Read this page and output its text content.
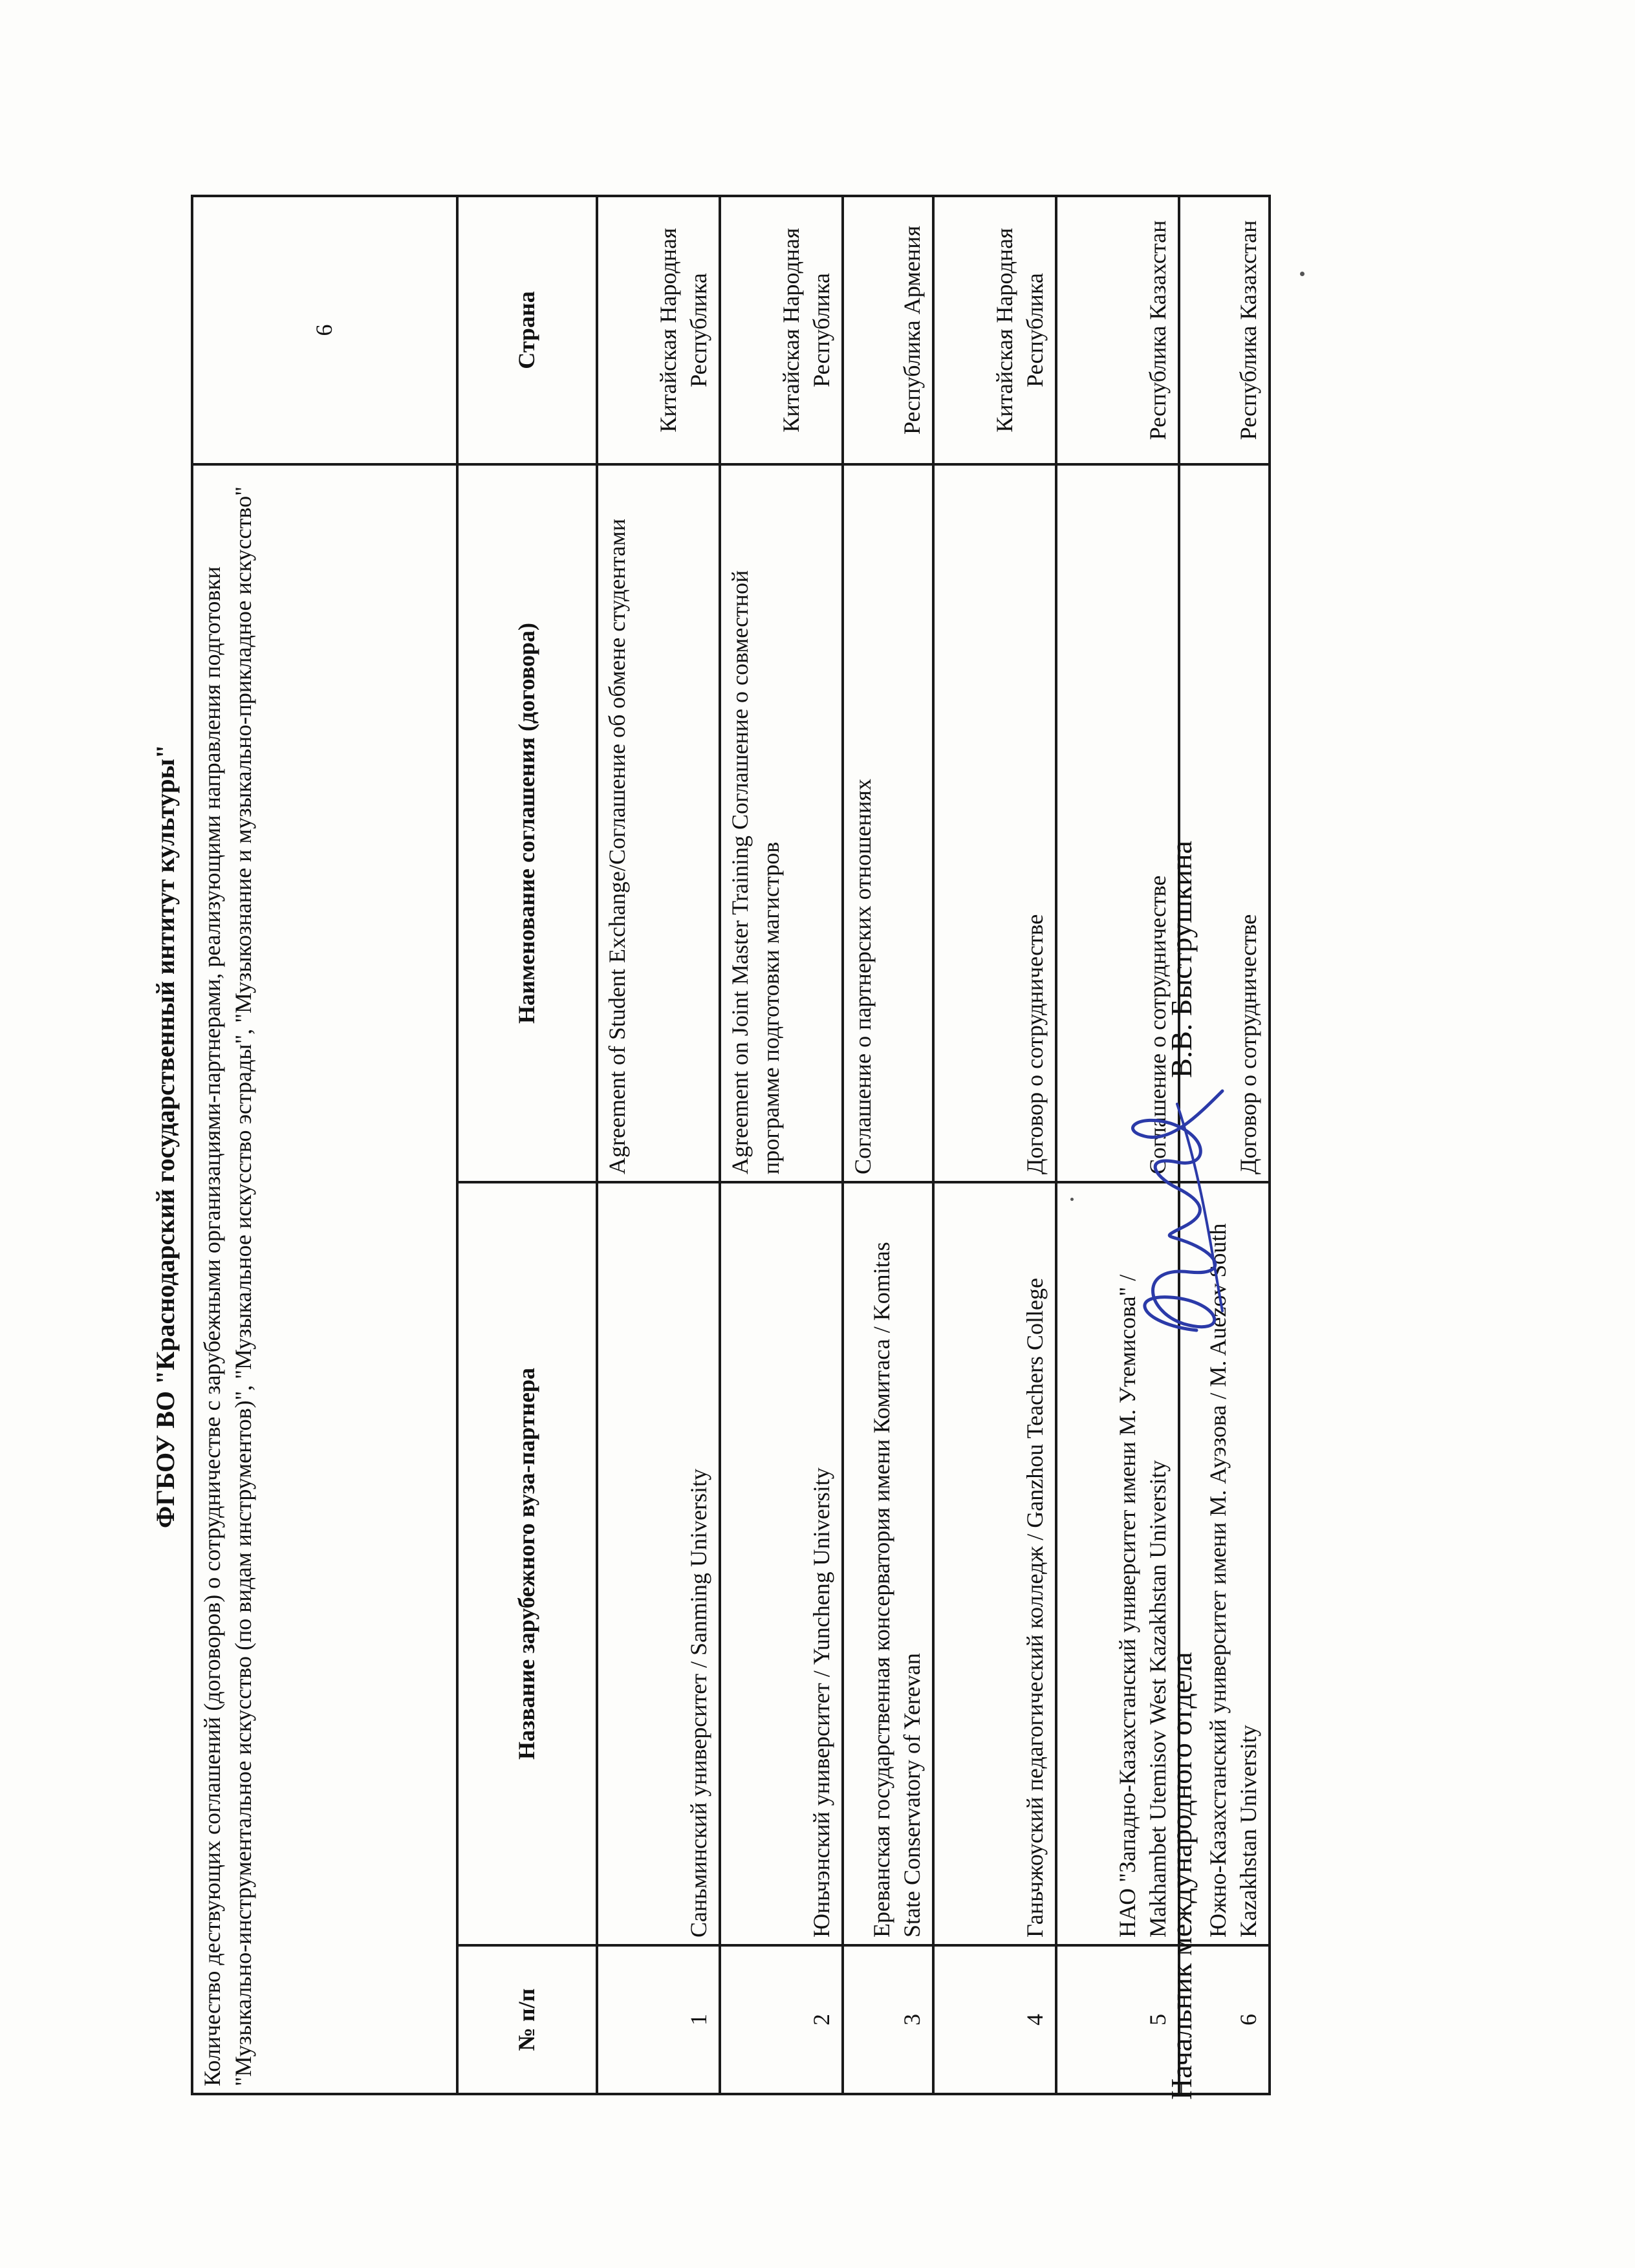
ФГБОУ ВО "Краснодарский государственный интитут культуры" Количество дествующих соглашений (договоров) о сотрудничестве с зарубежными организациями-партнерами, реализующими направления подготовки "Музыкально-инструментальное искусство (по видам инструментов)", "Музыкальное искусство эстрады", "Музыкознание и музыкально-прикладное искусство"			6
№ п/п	Название зарубежного вуза-партнера	Наименование соглашения (договора)	Страна
1	Саньминский университет / Sanming University	Agreement of Student Exchange/Соглашение об обмене студентами	Китайская Народная Республика
2	Юньчэнский университет / Yuncheng University	Agreement on Joint Master Training Соглашение о совместной программе подготовки магистров	Китайская Народная Республика
3	Ереванская государственная консерватория имени Комитаса / Komitas State Conservatory of Yerevan	Соглашение о партнерских отношениях	Республика Армения
4	Ганьчжоуский педагогический колледж / Ganzhou Teachers College	Договор о сотрудничестве	Китайская Народная Республика
5	НАО "Западно-Казахстанский университет имени М. Утемисова" / Makhambet Utemisov West Kazakhstan University	Соглашение о сотрудничестве	Республика Казахстан
6	Южно-Казахстанский университет имени М. Ауэзова / M. Auezov South Kazakhstan University	Договор о сотрудничестве	Республика Казахстан
Начальник международного отдела
В.В. Быструшкина
